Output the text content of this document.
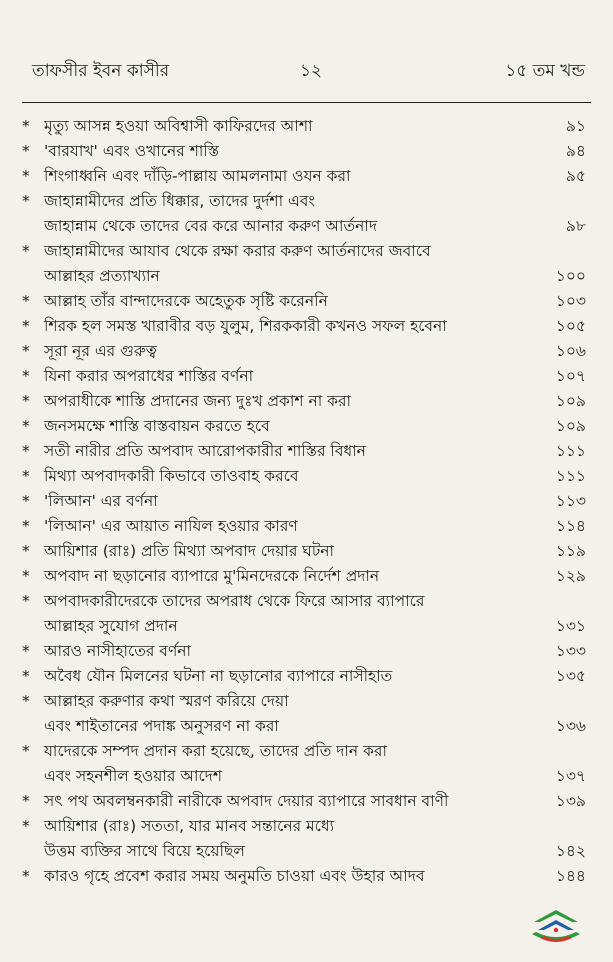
তাফসীর ইবন কাসীর	১২	১৫ তম খন্ড
* মৃত্যু আসন্ন হওয়া অবিশ্বাসী কাফিরদের আশা	৯১
* 'বারযাখ' এবং ওখানের শাস্তি	৯৪
* শিংগাধ্বনি এবং দাঁড়ি-পাল্লায় আমলনামা ওযন করা	৯৫
* জাহান্নামীদের প্রতি ধিক্কার, তাদের দুর্দশা এবং
জাহান্নাম থেকে তাদের বের করে আনার করুণ আর্তনাদ	৯৮
* জাহান্নামীদের আযাব থেকে রক্ষা করার করুণ আর্তনাদের জবাবে
আল্লাহর প্রত্যাখ্যান	১০০
* আল্লাহ তাঁর বান্দাদেরকে অহেতুক সৃষ্টি করেননি	১০৩
* শিরক হল সমস্ত খারাবীর বড় যুলুম, শিরককারী কখনও সফল হবেনা	১০৫
* সূরা নূর এর গুরুত্ব	১০৬
* যিনা করার অপরাধের শাস্তির বর্ণনা	১০৭
* অপরাধীকে শাস্তি প্রদানের জন্য দুঃখ প্রকাশ না করা	১০৯
* জনসমক্ষে শাস্তি বাস্তবায়ন করতে হবে	১০৯
* সতী নারীর প্রতি অপবাদ আরোপকারীর শাস্তির বিধান	১১১
* মিথ্যা অপবাদকারী কিভাবে তাওবাহ করবে	১১১
* 'লিআন' এর বর্ণনা	১১৩
* 'লিআন' এর আয়াত নাযিল হওয়ার কারণ	১১৪
* আয়িশার (রাঃ) প্রতি মিথ্যা অপবাদ দেয়ার ঘটনা	১১৯
* অপবাদ না ছড়ানোর ব্যাপারে মু'মিনদেরকে নির্দেশ প্রদান	১২৯
* অপবাদকারীদেরকে তাদের অপরাধ থেকে ফিরে আসার ব্যাপারে
আল্লাহর সুযোগ প্রদান	১৩১
* আরও নাসীহাতের বর্ণনা	১৩৩
* অবৈধ যৌন মিলনের ঘটনা না ছড়ানোর ব্যাপারে নাসীহাত	১৩৫
* আল্লাহর করুণার কথা স্মরণ করিয়ে দেয়া
এবং শাইতানের পদাঙ্ক অনুসরণ না করা	১৩৬
* যাদেরকে সম্পদ প্রদান করা হয়েছে, তাদের প্রতি দান করা
এবং সহনশীল হওয়ার আদেশ	১৩৭
* সৎ পথ অবলম্বনকারী নারীকে অপবাদ দেয়ার ব্যাপারে সাবধান বাণী	১৩৯
* আয়িশার (রাঃ) সততা, যার মানব সন্তানের মধ্যে
উত্তম ব্যক্তির সাথে বিয়ে হয়েছিল	১৪২
* কারও গৃহে প্রবেশ করার সময় অনুমতি চাওয়া এবং উহার আদব	১৪৪
